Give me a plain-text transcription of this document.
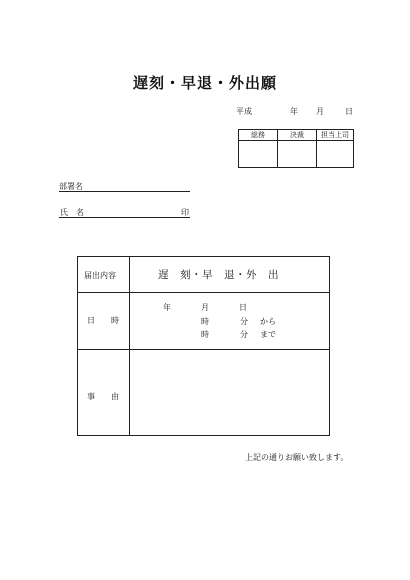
遅刻・早退・外出願
平成	年 月	日
総務	決裁	担当上司

部署名
氏　名	印
届出内容	遅　刻・早　退・外　出
日　　時
年	月	日
時	分 から
時	分 まで
事　　由
上記の通りお願い致します。
